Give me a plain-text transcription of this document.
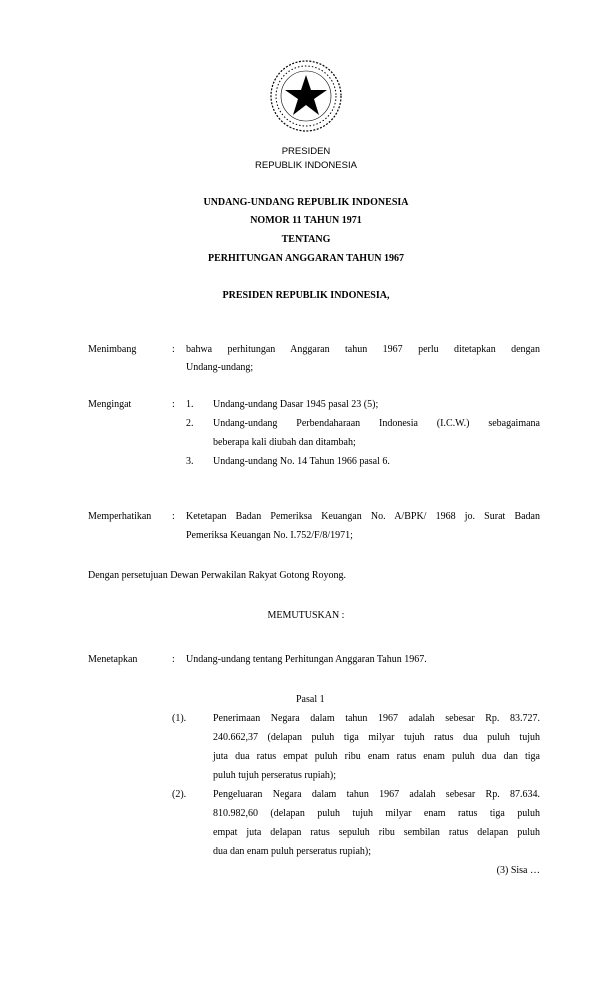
PRESIDEN
REPUBLIK INDONESIA
UNDANG-UNDANG REPUBLIK INDONESIA
NOMOR 11 TAHUN 1971
TENTANG
PERHITUNGAN ANGGARAN TAHUN 1967
PRESIDEN REPUBLIK INDONESIA,
Menimbang	: bahwa perhitungan Anggaran tahun 1967 perlu ditetapkan dengan
Undang-undang;
Mengingat	: 1. Undang-undang Dasar 1945 pasal 23 (5);
2. Undang-undang Perbendaharaan Indonesia (I.C.W.) sebagaimana
beberapa kali diubah dan ditambah;
3. Undang-undang No. 14 Tahun 1966 pasal 6.
Memperhatikan : Ketetapan Badan Pemeriksa Keuangan No. A/BPK/ 1968 jo. Surat Badan
Pemeriksa Keuangan No. I.752/F/8/1971;
Dengan persetujuan Dewan Perwakilan Rakyat Gotong Royong.
MEMUTUSKAN :
Menetapkan	: Undang-undang tentang Perhitungan Anggaran Tahun 1967.
Pasal 1
(1).	Penerimaan Negara dalam tahun 1967 adalah sebesar Rp. 83.727.
240.662,37 (delapan puluh tiga milyar tujuh ratus dua puluh tujuh
juta dua ratus empat puluh ribu enam ratus enam puluh dua dan tiga
puluh tujuh perseratus rupiah);
(2).	Pengeluaran Negara dalam tahun 1967 adalah sebesar Rp. 87.634.
810.982,60 (delapan puluh tujuh milyar enam ratus tiga puluh
empat juta delapan ratus sepuluh ribu sembilan ratus delapan puluh
dua dan enam puluh perseratus rupiah);
(3) Sisa …
